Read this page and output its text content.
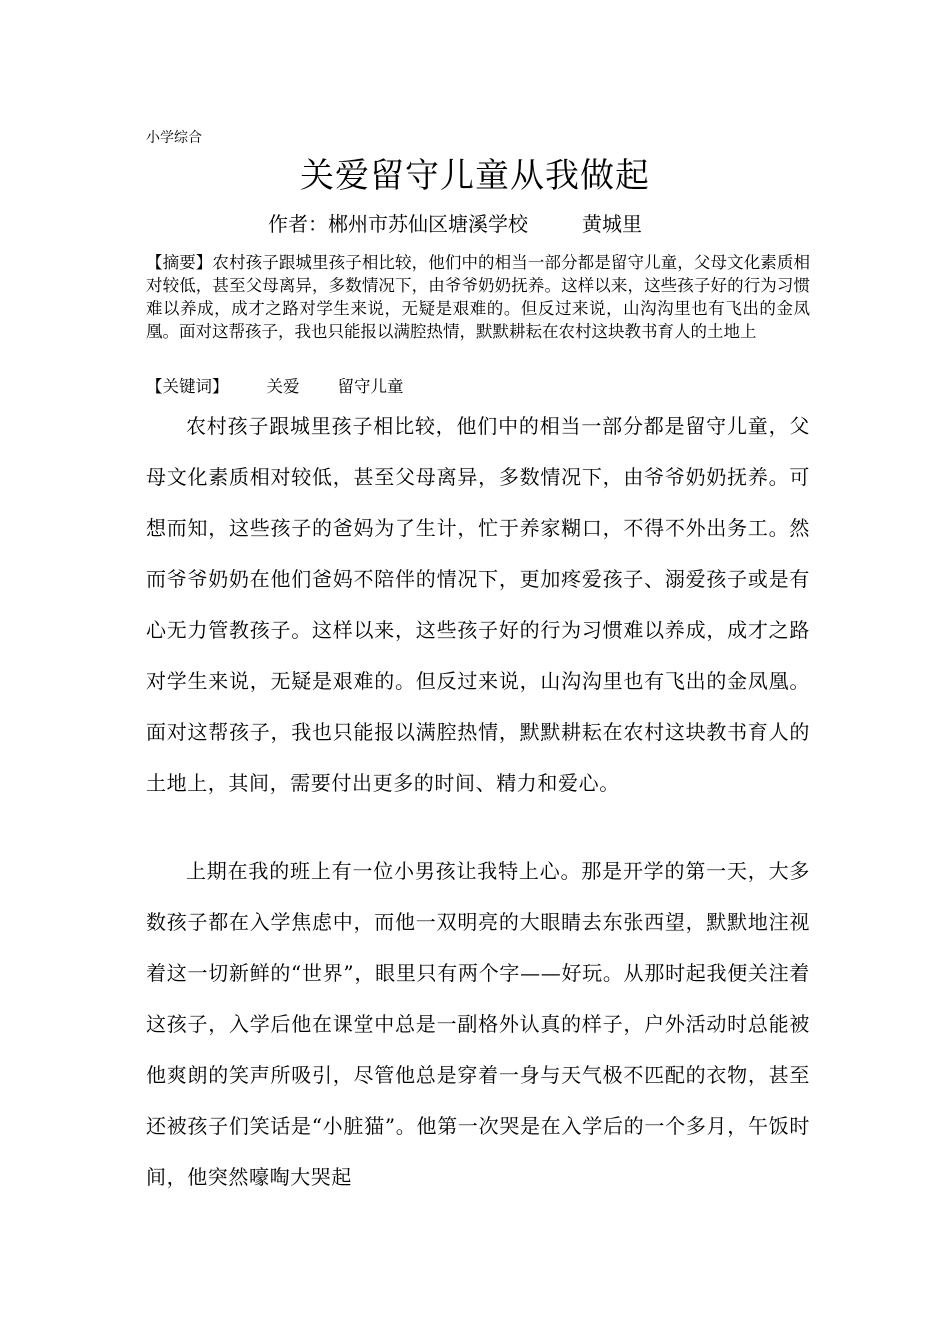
小学综合
关爱留守儿童从我做起
作者：郴州市苏仙区塘溪学校	黄城里
【摘要】农村孩子跟城里孩子相比较，他们中的相当一部分都是留守儿童，父母文化素质相对较低，甚至父母离异，多数情况下，由爷爷奶奶抚养。这样以来，这些孩子好的行为习惯难以养成，成才之路对学生来说，无疑是艰难的。但反过来说，山沟沟里也有飞出的金凤凰。面对这帮孩子，我也只能报以满腔热情，默默耕耘在农村这块教书育人的土地上
【关键词】 关爱 留守儿童

农村孩子跟城里孩子相比较，他们中的相当一部分都是留守儿童，父母文化素质相对较低，甚至父母离异，多数情况下，由爷爷奶奶抚养。可想而知，这些孩子的爸妈为了生计，忙于养家糊口，不得不外出务工。然而爷爷奶奶在他们爸妈不陪伴的情况下，更加疼爱孩子、溺爱孩子或是有心无力管教孩子。这样以来，这些孩子好的行为习惯难以养成，成才之路对学生来说，无疑是艰难的。但反过来说，山沟沟里也有飞出的金凤凰。面对这帮孩子，我也只能报以满腔热情，默默耕耘在农村这块教书育人的土地上，其间，需要付出更多的时间、精力和爱心。

上期在我的班上有一位小男孩让我特上心。那是开学的第一天，大多数孩子都在入学焦虑中，而他一双明亮的大眼睛去东张西望，默默地注视着这一切新鲜的“世界”，眼里只有两个字——好玩。从那时起我便关注着这孩子，入学后他在课堂中总是一副格外认真的样子，户外活动时总能被他爽朗的笑声所吸引，尽管他总是穿着一身与天气极不匹配的衣物，甚至还被孩子们笑话是“小脏猫”。他第一次哭是在入学后的一个多月，午饭时间，他突然嚎啕大哭起
